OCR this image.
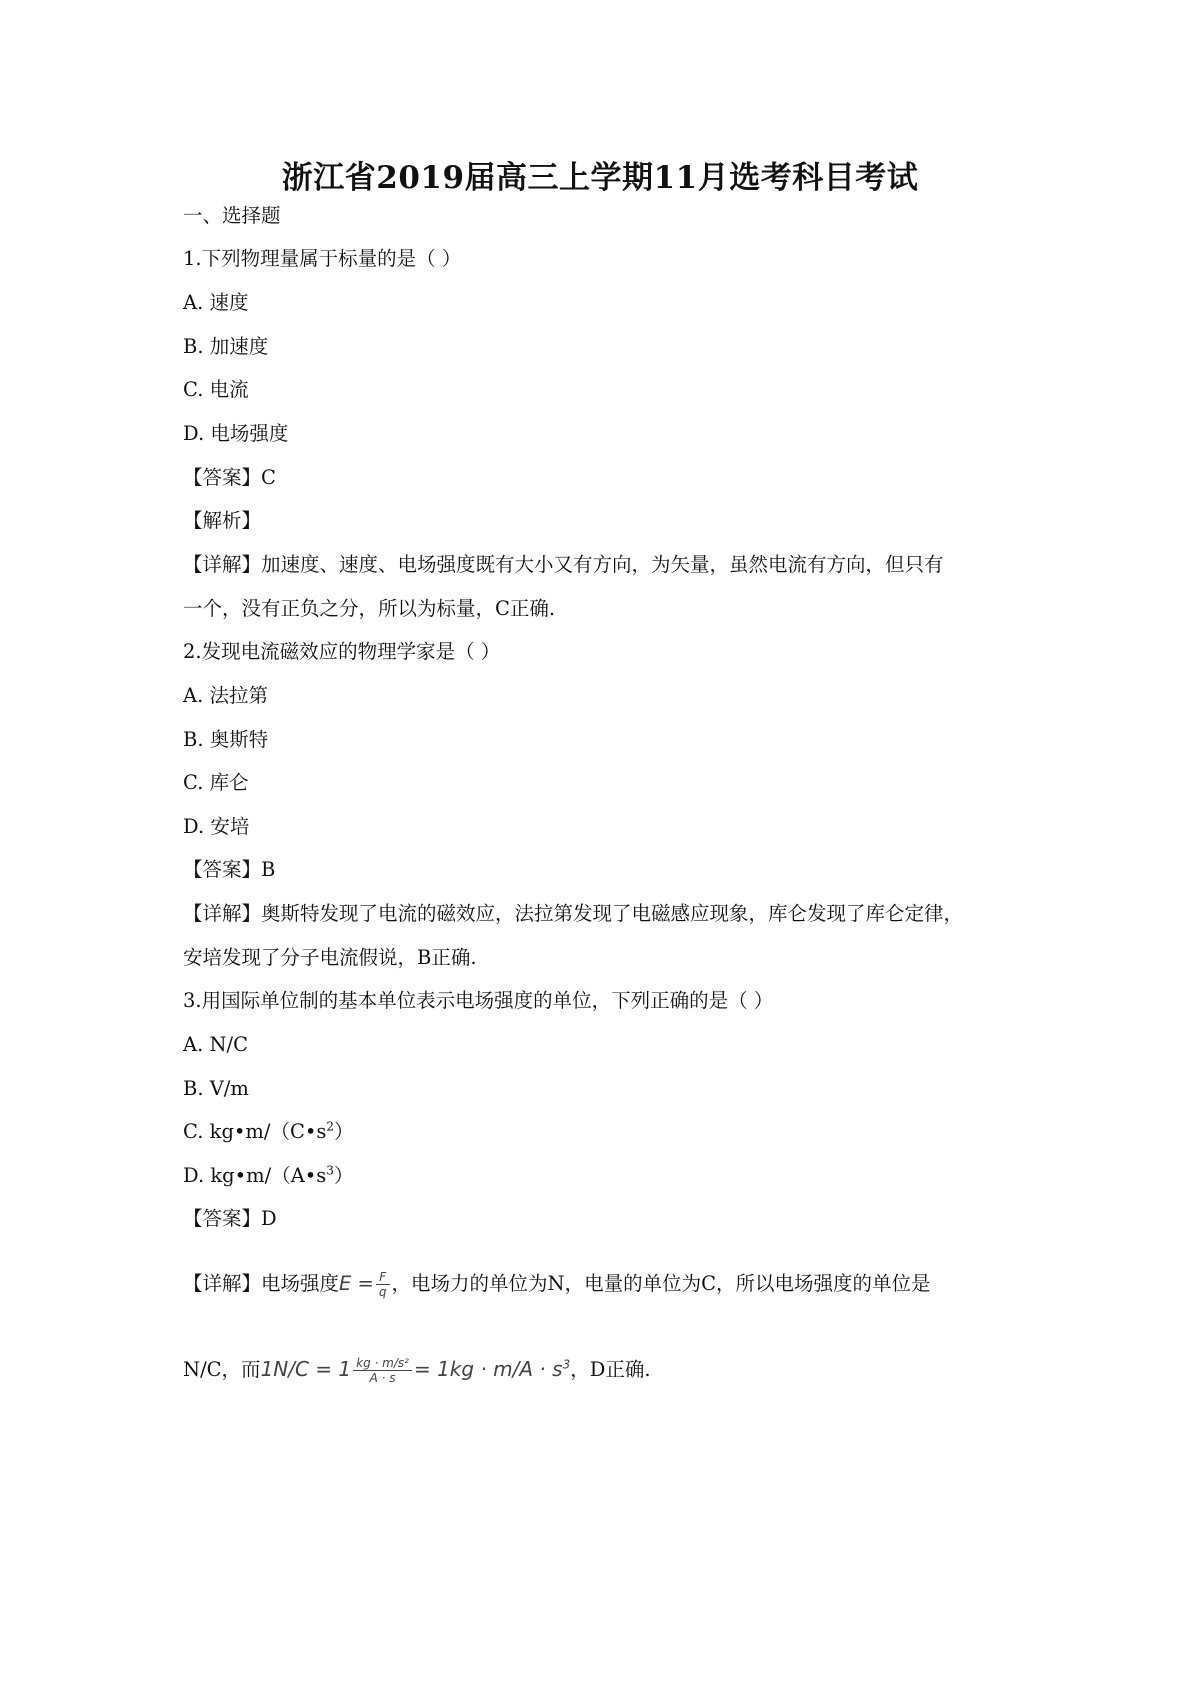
浙江省2019届高三上学期11月选考科目考试
一、选择题
1.下列物理量属于标量的是（ ）
A. 速度
B. 加速度
C. 电流
D. 电场强度
【答案】C
【解析】
【详解】加速度、速度、电场强度既有大小又有方向，为矢量，虽然电流有方向，但只有
一个，没有正负之分，所以为标量，C正确.
2.发现电流磁效应的物理学家是（ ）
A. 法拉第
B. 奥斯特
C. 库仑
D. 安培
【答案】B
【详解】奥斯特发现了电流的磁效应，法拉第发现了电磁感应现象，库仑发现了库仑定律，
安培发现了分子电流假说，B正确.
3.用国际单位制的基本单位表示电场强度的单位，下列正确的是（ ）
A. N/C
B. V/m
C. $kg•m/(C•s^2)$
D. $kg•m/(A•s^3)$
【答案】D
【详解】电场强度$E = \frac{F}{q}$ ，电场力的单位为N，电量的单位为C，所以电场强度的单位是
N/C，而$1N/C = 1 \frac{\text{kg · m/s²}}{A \cdot s} = 1kg \cdot m/A \cdot s^3$，D正确.
